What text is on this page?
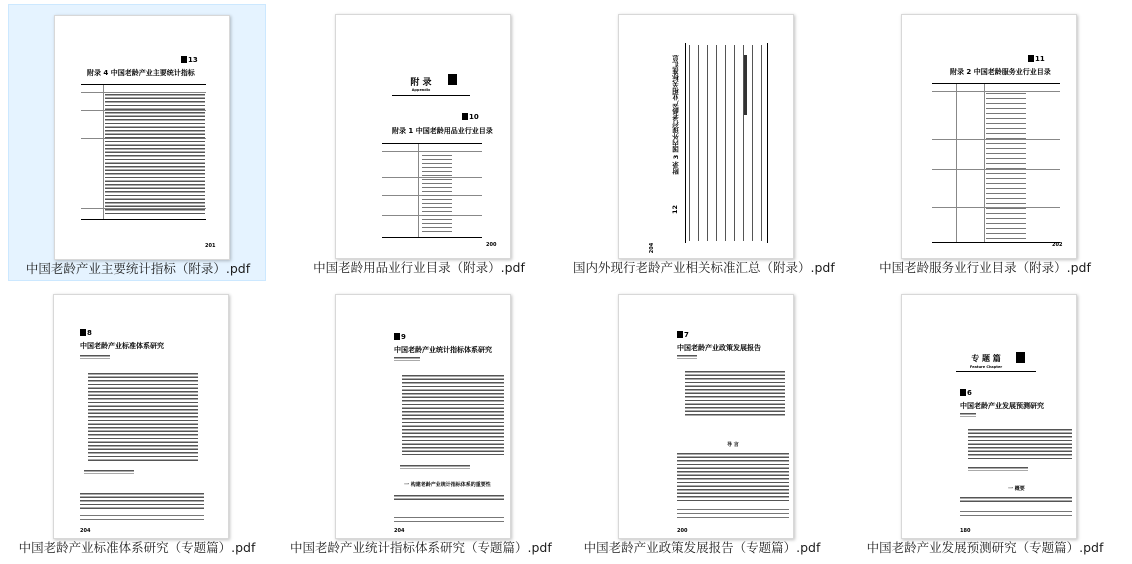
13
附录 4 中国老龄产业主要统计指标
201
中国老龄产业主要统计指标（附录）.pdf
附 录
Appendix
10
附录 1 中国老龄用品业行业目录
200
中国老龄用品业行业目录（附录）.pdf
附录 3 国内外现行老龄产业相关标准汇总
12
204
国内外现行老龄产业相关标准汇总（附录）.pdf
11
附录 2 中国老龄服务业行业目录
202
中国老龄服务业行业目录（附录）.pdf
8
中国老龄产业标准体系研究
204
中国老龄产业标准体系研究（专题篇）.pdf
9
中国老龄产业统计指标体系研究
一 构建老龄产业统计指标体系的重要性
204
中国老龄产业统计指标体系研究（专题篇）.pdf
7
中国老龄产业政策发展报告
导 言
200
中国老龄产业政策发展报告（专题篇）.pdf
专 题 篇
Feature Chapter
6
中国老龄产业发展预测研究
一 概要
180
中国老龄产业发展预测研究（专题篇）.pdf
